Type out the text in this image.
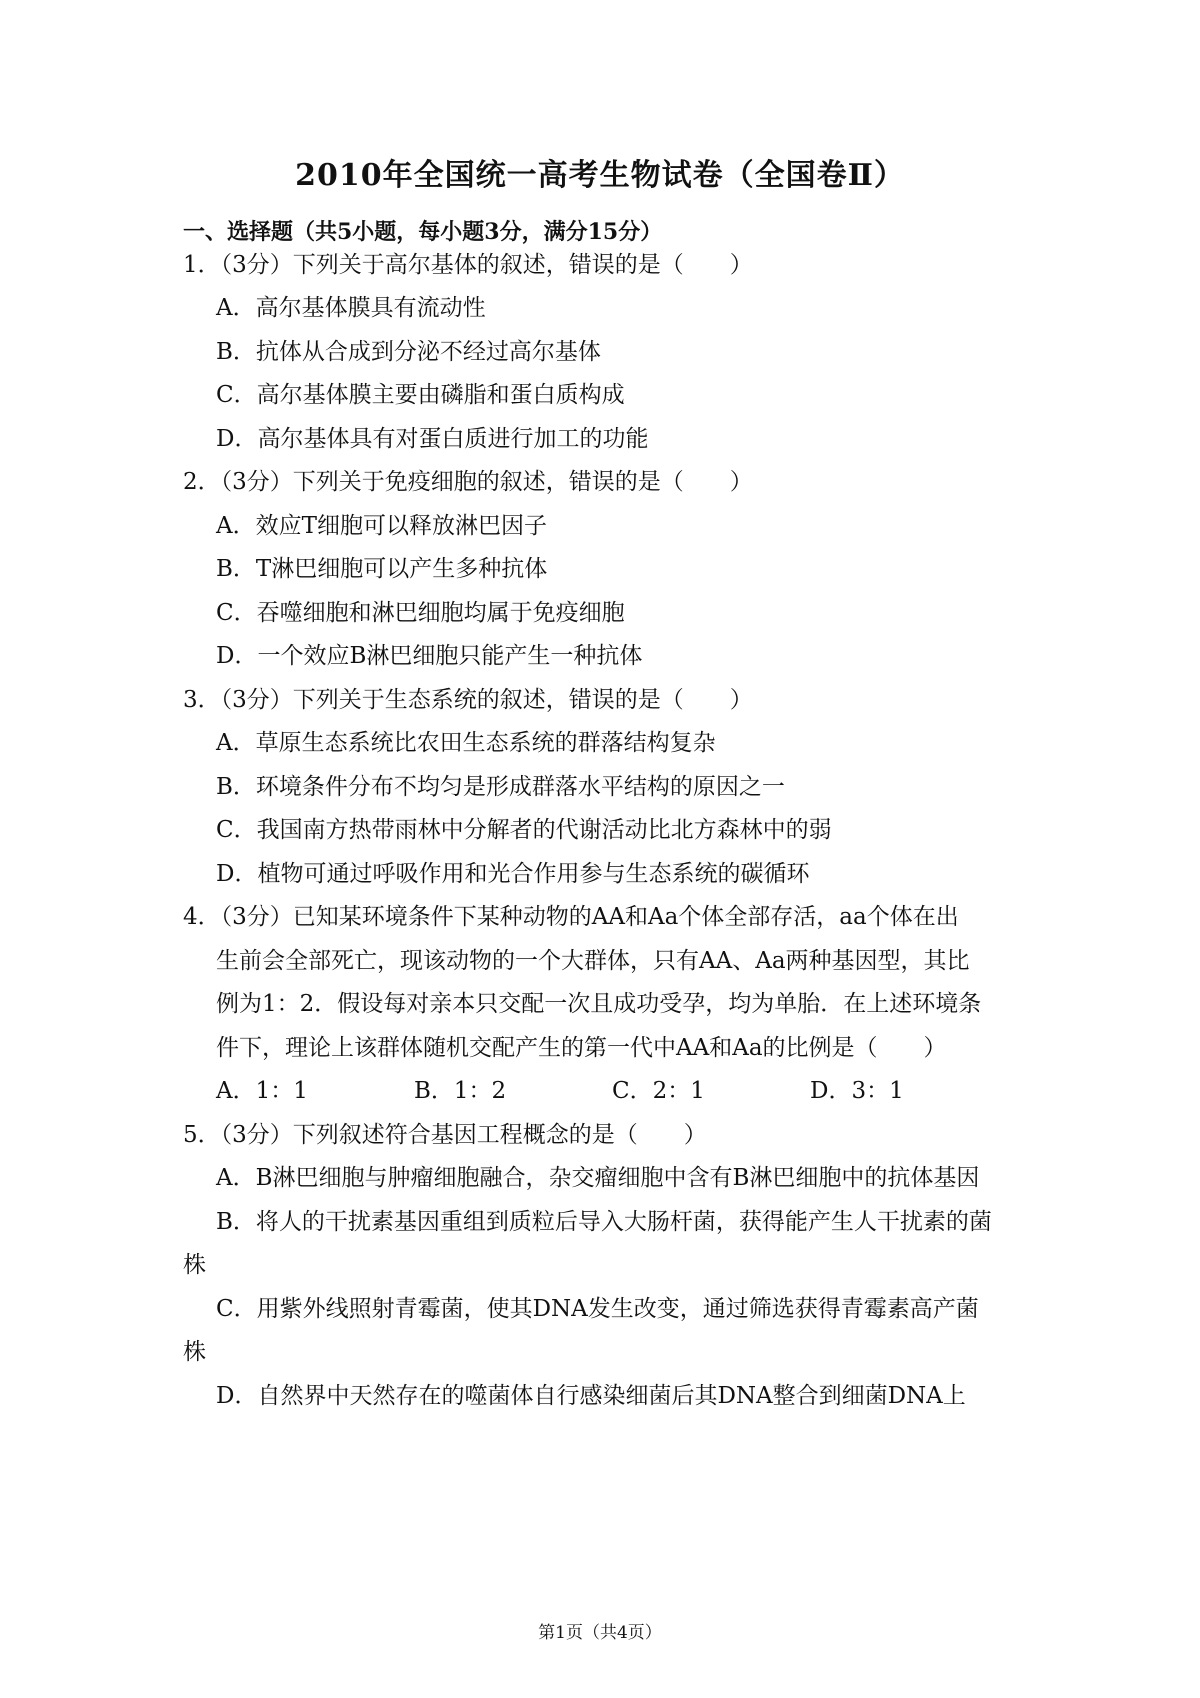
2010年全国统一高考生物试卷（全国卷Ⅱ）
一、选择题（共5小题，每小题3分，满分15分）
1．（3分）下列关于高尔基体的叙述，错误的是（　　）
A．高尔基体膜具有流动性
B．抗体从合成到分泌不经过高尔基体
C．高尔基体膜主要由磷脂和蛋白质构成
D．高尔基体具有对蛋白质进行加工的功能
2．（3分）下列关于免疫细胞的叙述，错误的是（　　）
A．效应T细胞可以释放淋巴因子
B．T淋巴细胞可以产生多种抗体
C．吞噬细胞和淋巴细胞均属于免疫细胞
D．一个效应B淋巴细胞只能产生一种抗体
3．（3分）下列关于生态系统的叙述，错误的是（　　）
A．草原生态系统比农田生态系统的群落结构复杂
B．环境条件分布不均匀是形成群落水平结构的原因之一
C．我国南方热带雨林中分解者的代谢活动比北方森林中的弱
D．植物可通过呼吸作用和光合作用参与生态系统的碳循环
4．（3分）已知某环境条件下某种动物的AA和Aa个体全部存活，aa个体在出
生前会全部死亡，现该动物的一个大群体，只有AA、Aa两种基因型，其比
例为1：2．假设每对亲本只交配一次且成功受孕，均为单胎．在上述环境条
件下，理论上该群体随机交配产生的第一代中AA和Aa的比例是（　　）
A．1：1	B．1：2	C．2：1	D．3：1
5．（3分）下列叙述符合基因工程概念的是（　　）
A．B淋巴细胞与肿瘤细胞融合，杂交瘤细胞中含有B淋巴细胞中的抗体基因
B．将人的干扰素基因重组到质粒后导入大肠杆菌，获得能产生人干扰素的菌
株
C．用紫外线照射青霉菌，使其DNA发生改变，通过筛选获得青霉素高产菌
株
D．自然界中天然存在的噬菌体自行感染细菌后其DNA整合到细菌DNA上
第1页（共4页）
